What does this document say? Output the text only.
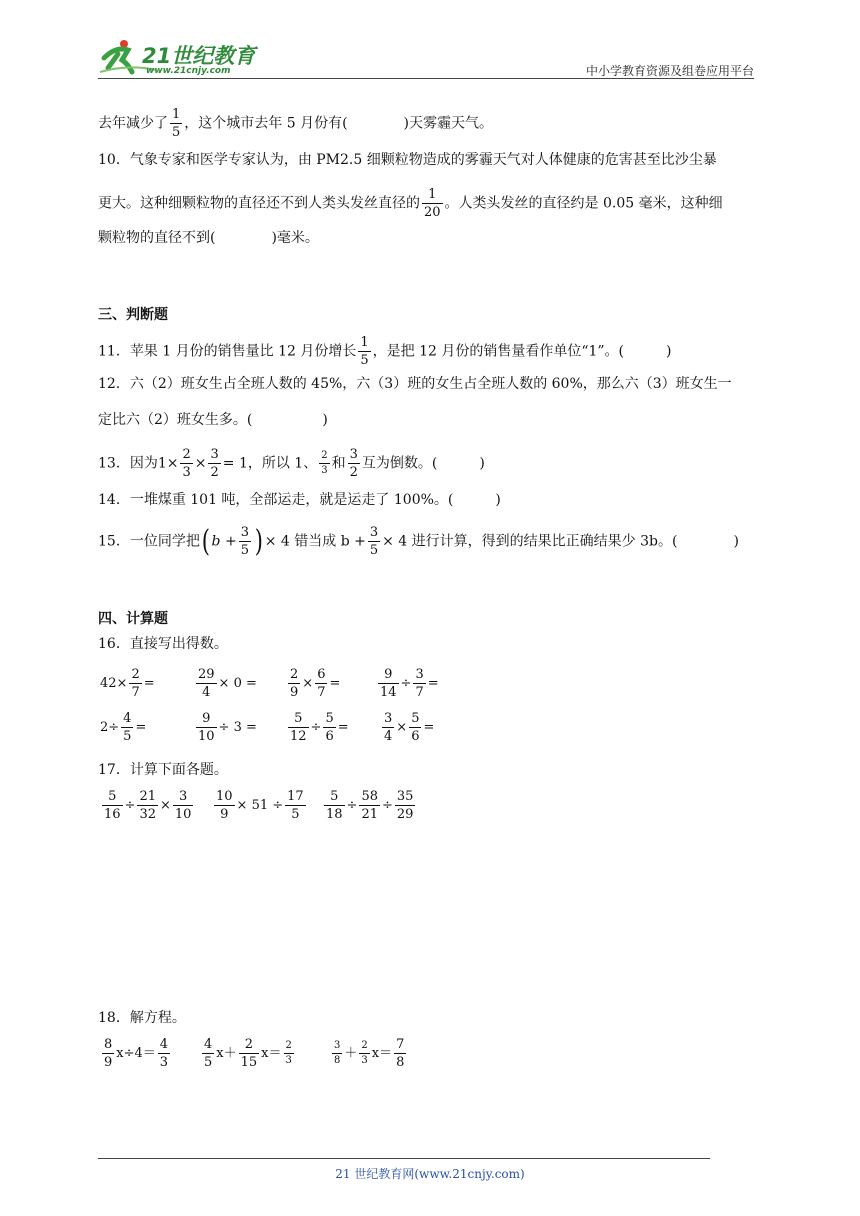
21世纪教育
www.21cnjy.com	中小学教育资源及组卷应用平台
去年减少了 $\frac{1}{5}$ ，这个城市去年 5 月份有(　　　　)天雾霾天气。
10．气象专家和医学专家认为，由 PM2.5 细颗粒物造成的雾霾天气对人体健康的危害甚至比沙尘暴
更大。这种细颗粒物的直径还不到人类头发丝直径的 $\frac{1}{20}$ 。人类头发丝的直径约是 0.05 毫米，这种细
颗粒物的直径不到(　　　　)毫米。
三、判断题
11．苹果 1 月份的销售量比 12 月份增长 $\frac{1}{5}$ ，是把 12 月份的销售量看作单位“1”。(　　　)
12．六（2）班女生占全班人数的 45%，六（3）班的女生占全班人数的 60%，那么六（3）班女生一
定比六（2）班女生多。(　　　　　)
13．因为$1\times \frac{2}{3} \times \frac{3}{2} = 1$，所以 1、 $\frac{2}{3}$ 和 $\frac{3}{2}$ 互为倒数。(　　　)
14．一堆煤重 101 吨，全部运走，就是运走了 100%。(　　　)
15．一位同学把( $b + \frac{3}{5}$ ) × 4 错当成 $b + \frac{3}{5} \times 4$ 进行计算，得到的结果比正确结果少 3b。(　　　　)
四、计算题
16．直接写出得数。
$42\times \frac{2}{7}$ =	$\frac{29}{4} \times 0 = \frac{2}{9} \times \frac{6}{7}$ =	$\frac{9}{14} \div \frac{3}{7}$ =
$2\div \frac{4}{5}$ =	$\frac{9}{10} \div 3 = \frac{5}{12} \div \frac{5}{6}$ =	$\frac{3}{4} \times \frac{5}{6}$ =
17．计算下面各题。
$\frac{5}{16} \div \frac{21}{32} \times \frac{3}{10} \frac{10}{9} \times 51 \div \frac{17}{5} \frac{5}{18} \div \frac{58}{21} \div \frac{35}{29}$
18．解方程。
$\frac{8}{9} x\div 4= \frac{4}{3} \frac{4}{5} x+ \frac{2}{15} x= \frac{2}{3}$	$\frac{3}{8} + \frac{2}{3} x= \frac{7}{8}$
21 世纪教育网(www.21cnjy.com)
